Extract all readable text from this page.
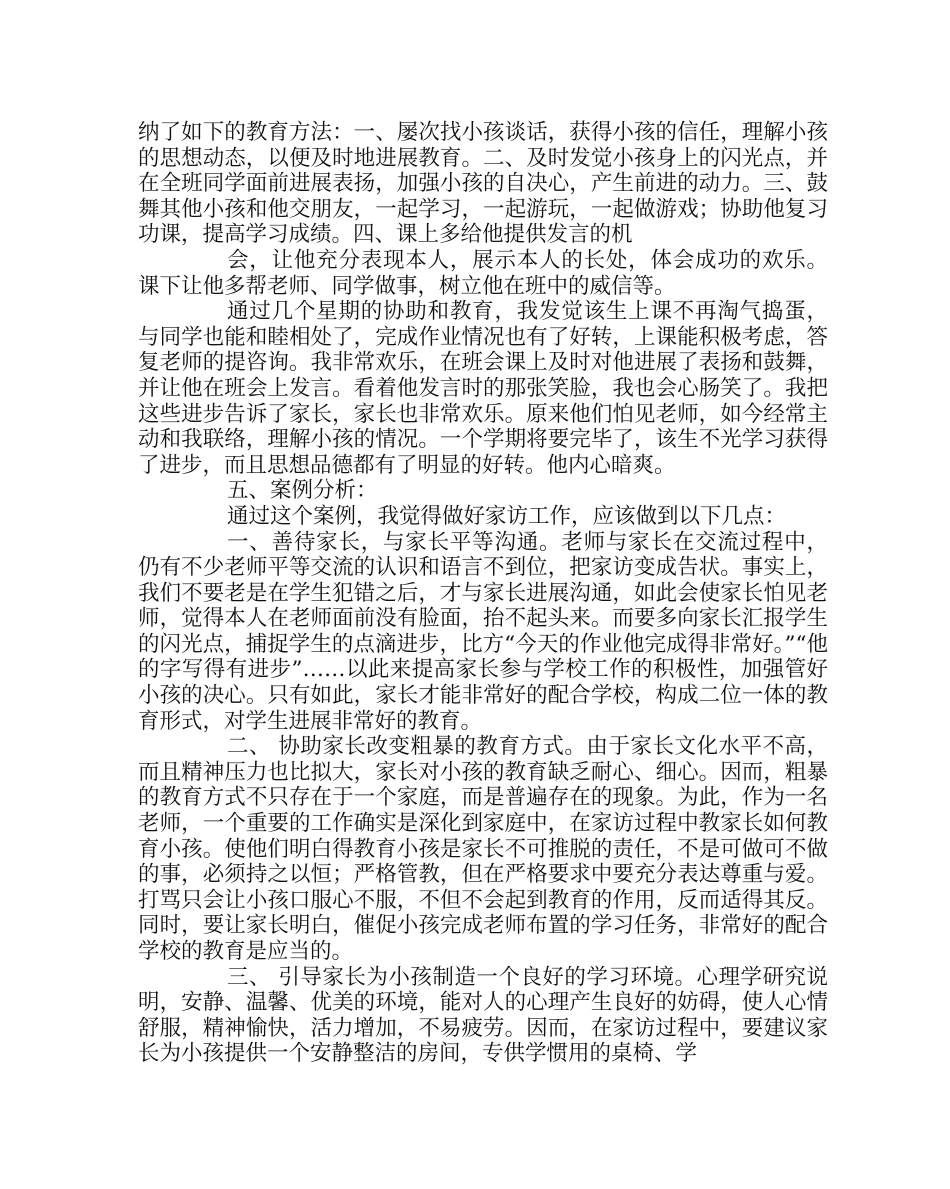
纳了如下的教育方法：一、屡次找小孩谈话，获得小孩的信任，理解小孩的思想动态，以便及时地进展教育。二、及时发觉小孩身上的闪光点，并在全班同学面前进展表扬，加强小孩的自决心，产生前进的动力。三、鼓舞其他小孩和他交朋友，一起学习，一起游玩，一起做游戏；协助他复习功课，提高学习成绩。四、课上多给他提供发言的机

会，让他充分表现本人，展示本人的长处，体会成功的欢乐。课下让他多帮老师、同学做事，树立他在班中的威信等。

通过几个星期的协助和教育，我发觉该生上课不再淘气捣蛋，与同学也能和睦相处了，完成作业情况也有了好转，上课能积极考虑，答复老师的提咨询。我非常欢乐，在班会课上及时对他进展了表扬和鼓舞，并让他在班会上发言。看着他发言时的那张笑脸，我也会心肠笑了。我把这些进步告诉了家长，家长也非常欢乐。原来他们怕见老师，如今经常主动和我联络，理解小孩的情况。一个学期将要完毕了，该生不光学习获得了进步，而且思想品德都有了明显的好转。他内心暗爽。

五、案例分析：

通过这个案例，我觉得做好家访工作，应该做到以下几点：

一、善待家长，与家长平等沟通。老师与家长在交流过程中，仍有不少老师平等交流的认识和语言不到位，把家访变成告状。事实上，我们不要老是在学生犯错之后，才与家长进展沟通，如此会使家长怕见老师，觉得本人在老师面前没有脸面，抬不起头来。而要多向家长汇报学生的闪光点，捕捉学生的点滴进步，比方“今天的作业他完成得非常好。”“他的字写得有进步”……以此来提高家长参与学校工作的积极性，加强管好小孩的决心。只有如此，家长才能非常好的配合学校，构成二位一体的教育形式，对学生进展非常好的教育。

二、 协助家长改变粗暴的教育方式。由于家长文化水平不高，而且精神压力也比拟大，家长对小孩的教育缺乏耐心、细心。因而，粗暴的教育方式不只存在于一个家庭，而是普遍存在的现象。为此，作为一名老师，一个重要的工作确实是深化到家庭中，在家访过程中教家长如何教育小孩。使他们明白得教育小孩是家长不可推脱的责任，不是可做可不做的事，必须持之以恒；严格管教，但在严格要求中要充分表达尊重与爱。打骂只会让小孩口服心不服，不但不会起到教育的作用，反而适得其反。同时，要让家长明白，催促小孩完成老师布置的学习任务，非常好的配合学校的教育是应当的。

三、 引导家长为小孩制造一个良好的学习环境。心理学研究说明，安静、温馨、优美的环境，能对人的心理产生良好的妨碍，使人心情舒服，精神愉快，活力增加，不易疲劳。因而，在家访过程中，要建议家长为小孩提供一个安静整洁的房间，专供学惯用的桌椅、学
